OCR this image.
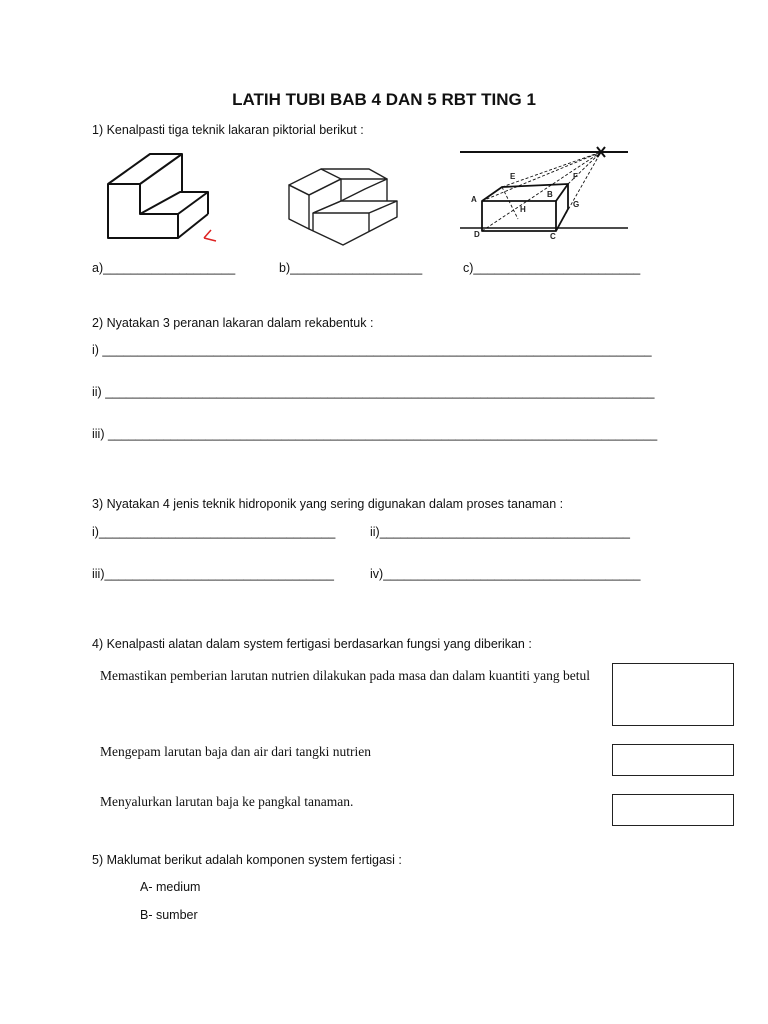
LATIH TUBI BAB 4 DAN 5 RBT TING 1
1) Kenalpasti tiga teknik lakaran piktorial berikut :
E	F
B
A
H
G
D	C
a)___________________	b)___________________	c)________________________
2) Nyatakan 3 peranan lakaran dalam rekabentuk :
i) _______________________________________________________________________________
ii) _______________________________________________________________________________
iii) _______________________________________________________________________________
3) Nyatakan 4 jenis teknik hidroponik yang sering digunakan dalam proses tanaman :
i)__________________________________	ii)____________________________________
iii)_________________________________	iv)_____________________________________
4) Kenalpasti alatan dalam system fertigasi berdasarkan fungsi yang diberikan :
Memastikan pemberian larutan nutrien dilakukan pada masa dan dalam kuantiti yang betul
Mengepam larutan baja dan air dari tangki nutrien
Menyalurkan larutan baja ke pangkal tanaman.
5) Maklumat berikut adalah komponen system fertigasi :
A- medium
B- sumber
